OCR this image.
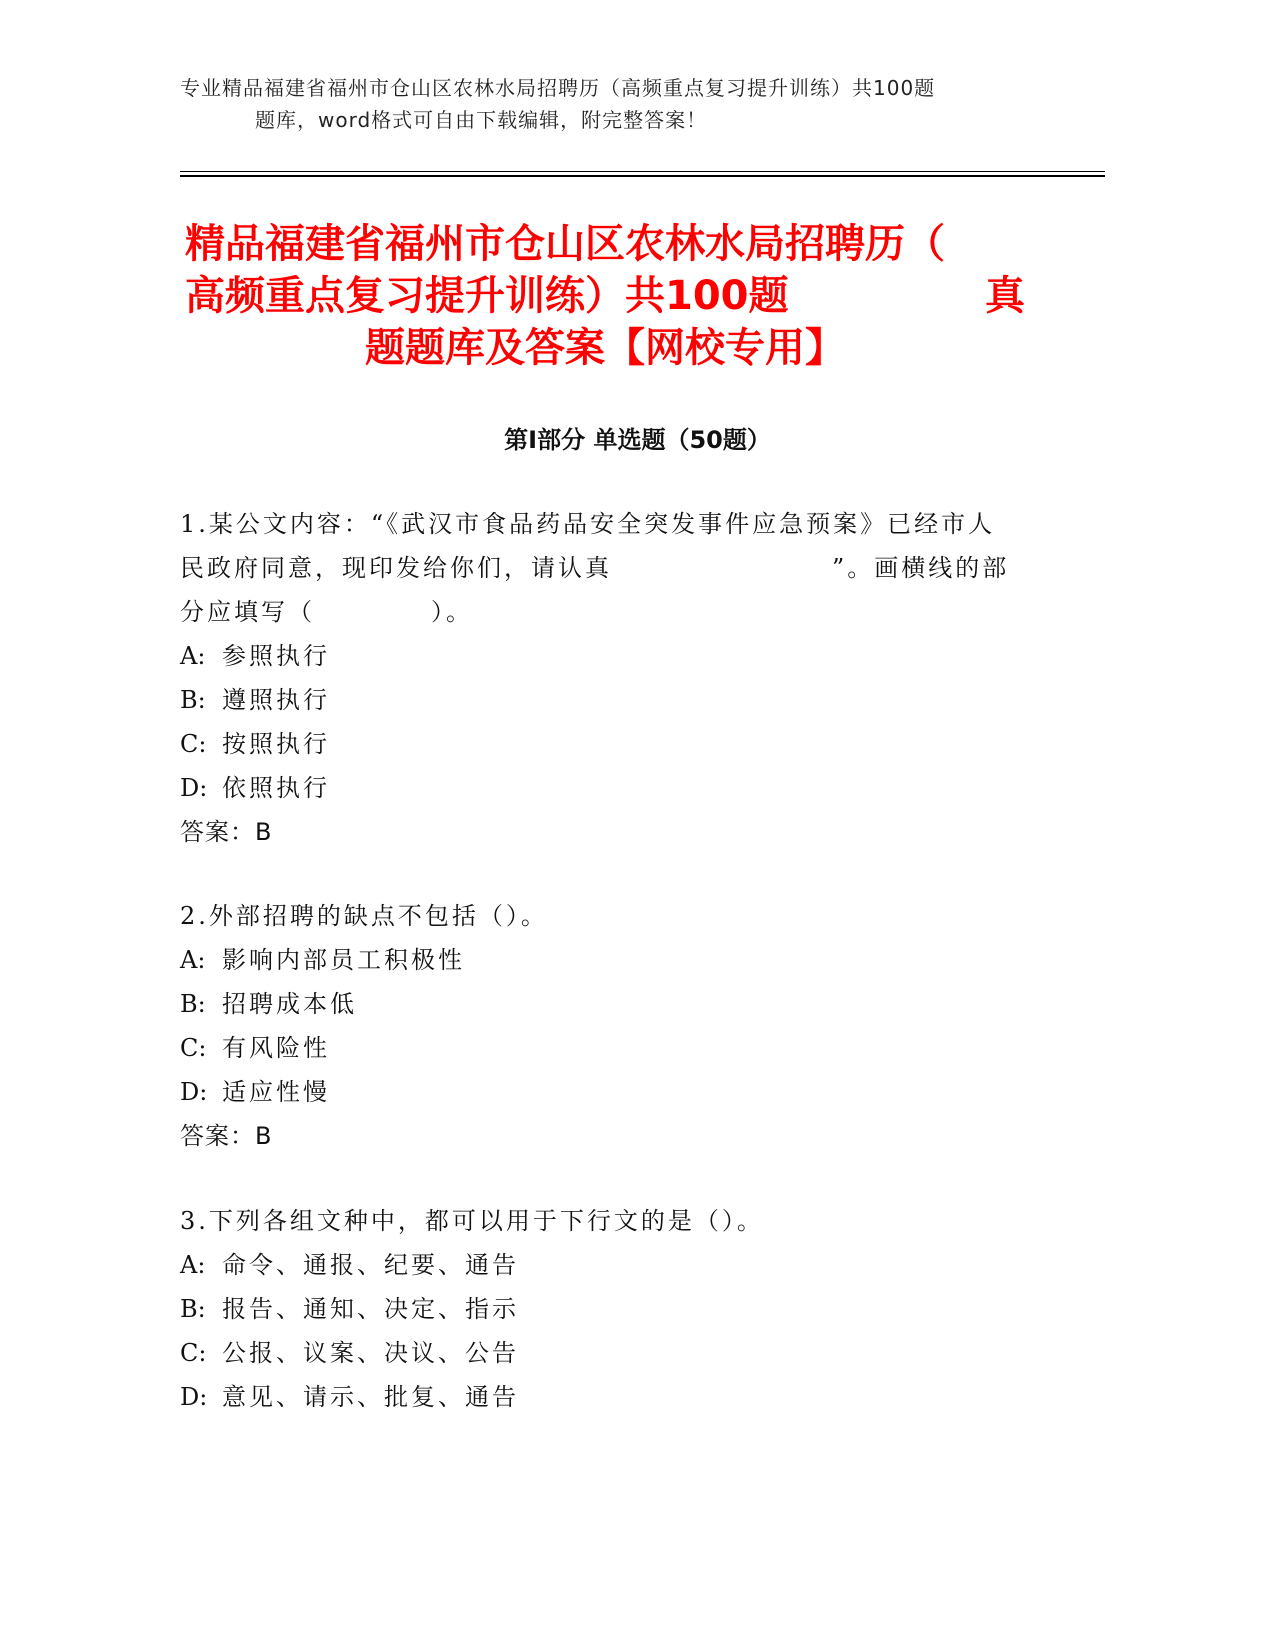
专业精品福建省福州市仓山区农林水局招聘历（高频重点复习提升训练）共100题
题库，word格式可自由下载编辑，附完整答案！
精品福建省福州市仓山区农林水局招聘历（
高频重点复习提升训练）共100题	真
题题库及答案【网校专用】
第Ⅰ部分 单选题（50题）
1.某公文内容：“《武汉市食品药品安全突发事件应急预案》已经市人民政府同意，现印发给你们，请认真	”。画横线的部分应填写（	）。
A: 参照执行
B: 遵照执行
C: 按照执行
D: 依照执行
答案：B
2.外部招聘的缺点不包括（）。
A: 影响内部员工积极性
B: 招聘成本低
C: 有风险性
D: 适应性慢
答案：B
3.下列各组文种中，都可以用于下行文的是（）。
A: 命令、通报、纪要、通告
B: 报告、通知、决定、指示
C: 公报、议案、决议、公告
D: 意见、请示、批复、通告
